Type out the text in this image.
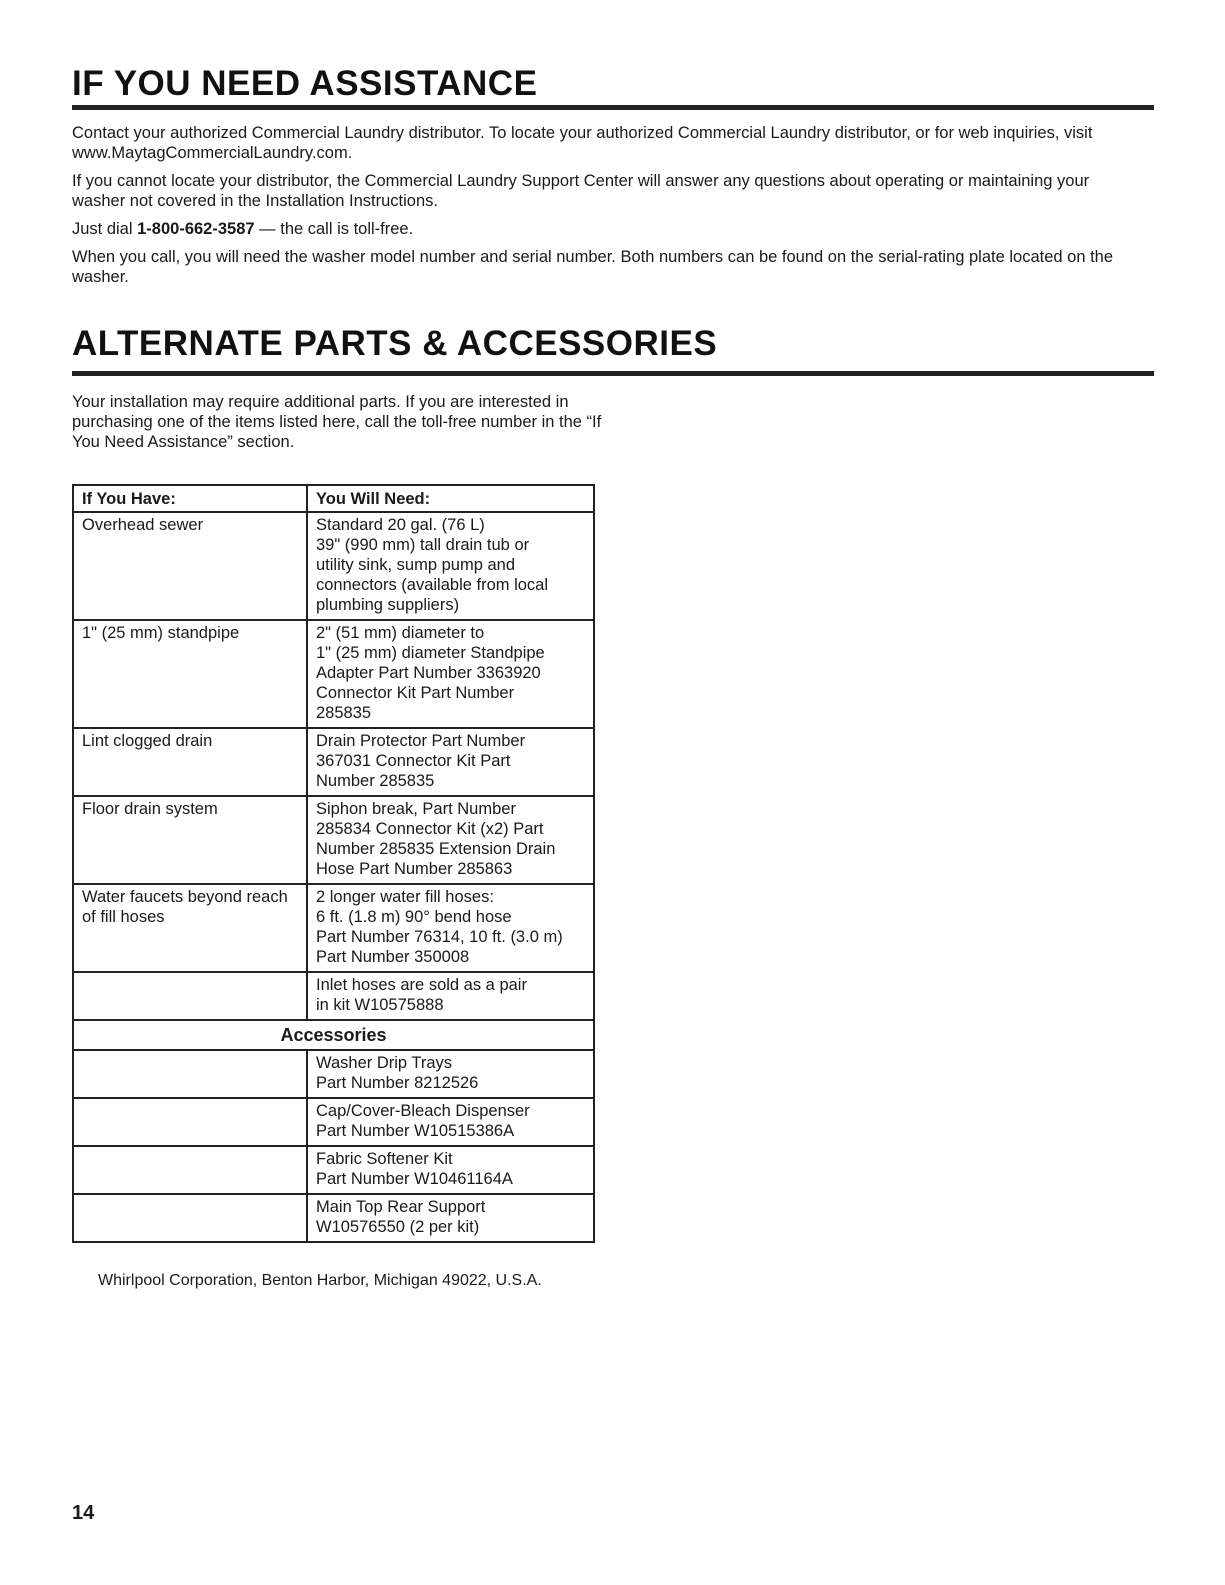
IF YOU NEED ASSISTANCE

Contact your authorized Commercial Laundry distributor. To locate your authorized Commercial Laundry distributor, or for web inquiries, visit www.MaytagCommercialLaundry.com.

If you cannot locate your distributor, the Commercial Laundry Support Center will answer any questions about operating or maintaining your washer not covered in the Installation Instructions.

Just dial 1-800-662-3587 — the call is toll-free.

When you call, you will need the washer model number and serial number. Both numbers can be found on the serial-rating plate located on the washer.

ALTERNATE PARTS & ACCESSORIES

Your installation may require additional parts. If you are interested in purchasing one of the items listed here, call the toll-free number in the “If You Need Assistance” section.

If You Have:	You Will Need:
Overhead sewer	Standard 20 gal. (76 L)
39" (990 mm) tall drain tub or
utility sink, sump pump and
connectors (available from local
plumbing suppliers)

1" (25 mm) standpipe	2" (51 mm) diameter to
1" (25 mm) diameter Standpipe
Adapter Part Number 3363920
Connector Kit Part Number
285835

Lint clogged drain	Drain Protector Part Number
367031 Connector Kit Part
Number 285835

Floor drain system	Siphon break, Part Number
285834 Connector Kit (x2) Part
Number 285835 Extension Drain
Hose Part Number 285863

Water faucets beyond reach of fill hoses	2 longer water fill hoses:
6 ft. (1.8 m) 90° bend hose
Part Number 76314, 10 ft. (3.0 m)
Part Number 350008

	Inlet hoses are sold as a pair
in kit W10575888

Accessories	

	Washer Drip Trays
Part Number 8212526

	Cap/Cover-Bleach Dispenser
Part Number W10515386A

	Fabric Softener Kit
Part Number W10461164A

	Main Top Rear Support
W10576550 (2 per kit)
Whirlpool Corporation, Benton Harbor, Michigan 49022, U.S.A.
14
